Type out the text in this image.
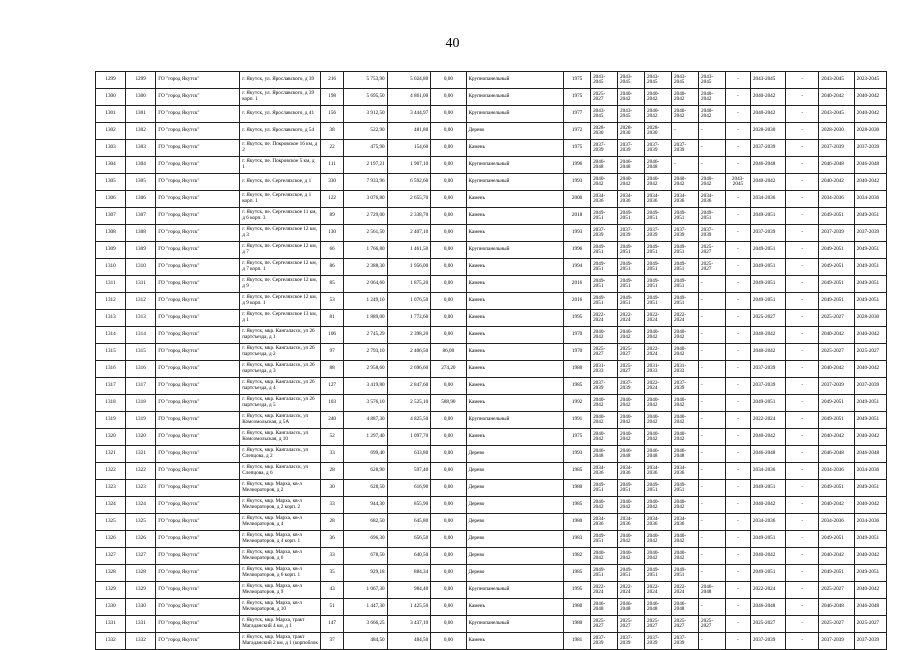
40
1299	1299	ГО "город Якутск"	г. Якутск, ул. Ярославского, д 39	216	5 753,90	5 024,80	0,00	Крупнопанельный	1975	2043-2045	2043-2045	2043-2045	2043-2045	2043-2045	-	2043-2045	-	2043-2045	2023-2045
1300	1300	ГО "город Якутск"	г. Якутск, ул. Ярославского, д 39 корп. 1	198	5 695,50	4 861,00	0,00	Крупнопанельный	1975	2025-2027	2040-2042	2040-2042	2040-2042	2040-2042	-	2040-2042	-	2040-2042	2040-2042
1301	1301	ГО "город Якутск"	г. Якутск, ул. Ярославского, д 41	156	3 912,50	3 444,97	0,00	Крупнопанельный	1977	2043-2045	2043-2045	2040-2042	2040-2042	2040-2042	-	2040-2042	-	2043-2045	2040-2042
1302	1302	ГО "город Якутск"	г. Якутск, ул. Ярославского, д 54	38	522,90	481,80	0,00	Дерево	1972	2028-2030	2028-2030	2028-2030	-	-	-	2028-2030	-	2028-2030	2028-2030
1303	1303	ГО "город Якутск"	г. Якутск, пе. Покровское 16 км, д 2	22	475,90	154,60	0,00	Камень	1975	2037-2039	2037-2039	2037-2039	2037-2039	-	-	2037-2039	-	2037-2039	2037-2039
1304	1304	ГО "город Якутск"	г. Якутск, пе. Покровское 5 км, д 1	111	2 197,21	1 907,10	0,00	Крупнопанельный	1996	2046-2048	2046-2048	2046-2048	-	-	-	2046-2048	-	2046-2048	2046-2048
1305	1305	ГО "город Якутск"	г. Якутск, пе. Сергеляхское, д 1	330	7 933,96	6 592,60	0,00	Крупнопанельный	1993	2040-2042	2040-2042	2040-2042	2040-2042	2040-2042	2043-2045	2040-2042	-	2040-2042	2040-2042
1306	1306	ГО "город Якутск"	г. Якутск, пе. Сергеляхское, д 1 корп. 1	122	3 076,80	2 655,70	0,00	Камень	2000	2034-2036	2034-2036	2034-2036	2034-2036	2034-2036	-	2034-2036	-	2034-2036	2034-2036
1307	1307	ГО "город Якутск"	г. Якутск, пе. Сергеляхское 11 км, д 6 корп. 3	89	2 729,00	2 338,70	0,00	Камень	2018	2049-2051	2049-2051	2049-2051	2049-2051	2049-2051	-	2049-2051	-	2049-2051	2049-2051
1308	1308	ГО "город Якутск"	г. Якутск, пе. Сергеляхское 12 км, д 3	130	2 561,50	2 407,10	0,00	Камень	1993	2037-2039	2037-2039	2037-2039	2037-2039	2037-2039	-	2037-2039	-	2037-2039	2037-2039
1309	1309	ГО "город Якутск"	г. Якутск, пе. Сергеляхское 12 км, д 7	66	1 766,80	1 461,50	0,00	Крупнопанельный	1996	2049-2051	2049-2051	2049-2051	2049-2051	2025-2027	-	2049-2051	-	2049-2051	2049-2051
1310	1310	ГО "город Якутск"	г. Якутск, пе. Сергеляхское 12 км, д 7 корп. 1	86	2 388,30	1 956,00	0,00	Камень	1994	2049-2051	2049-2051	2049-2051	2049-2051	2025-2027	-	2049-2051	-	2049-2051	2049-2051
1311	1311	ГО "город Якутск"	г. Якутск, пе. Сергеляхское 12 км, д 9	85	2 064,60	1 875,20	0,00	Камень	2016	2049-2051	2049-2051	2049-2051	2049-2051	-	-	2049-2051	-	2049-2051	2049-2051
1312	1312	ГО "город Якутск"	г. Якутск, пе. Сергеляхское 12 км, д 9 корп. 1	53	1 249,10	1 076,50	0,00	Камень	2016	2049-2051	2049-2051	2049-2051	2049-2051	-	-	2049-2051	-	2049-2051	2049-2051
1313	1313	ГО "город Якутск"	г. Якутск, пе. Сергеляхское 13 км, д 1	81	1 889,00	1 772,60	0,00	Камень	1995	2022-2024	2022-2024	2022-2024	2022-2024	-	-	2025-2027	-	2025-2027	2028-2030
1314	1314	ГО "город Якутск"	г. Якутск, мкр. Кангаласск, ул 26 партсъезда, д 1	106	2 745,29	2 398,20	0,00	Камень	1970	2040-2042	2040-2042	2040-2042	2040-2042	-	-	2040-2042	-	2040-2042	2040-2042
1315	1315	ГО "город Якутск"	г. Якутск, мкр. Кангаласск, ул 26 партсъезда, д 2	97	2 793,10	2 406,50	86,00	Камень	1970	2025-2027	2025-2027	2022-2024	2040-2042	-	-	2040-2042	-	2025-2027	2025-2027
1316	1316	ГО "город Якутск"	г. Якутск, мкр. Кангаласск, ул 26 партсъезда, д 3	88	2 958,60	2 696,60	274,20	Камень	1980	2031-2033	2025-2027	2031-2033	2031-2033	-	-	2037-2039	-	2040-2042	2040-2042
1317	1317	ГО "город Якутск"	г. Якутск, мкр. Кангаласск, ул 26 партсъезда, д 4	127	3 419,80	2 847,60	0,00	Камень	1985	2037-2039	2037-2039	2022-2024	2037-2039	-	-	2037-2039	-	2037-2039	2037-2039
1318	1318	ГО "город Якутск"	г. Якутск, мкр. Кангаласск, ул 26 партсъезда, д 5	103	3 576,10	2 525,10	588,90	Камень	1992	2040-2042	2040-2042	2040-2042	2040-2042	-	-	2049-2051	-	2049-2051	2049-2051
1319	1319	ГО "город Якутск"	г. Якутск, мкр. Кангаласск, ул Комсомольская, д 5А	240	4 887,30	4 825,50	0,00	Крупнопанельный	1991	2040-2042	2040-2042	2040-2042	2040-2042	-	-	2022-2024	-	2049-2051	2049-2051
1320	1320	ГО "город Якутск"	г. Якутск, мкр. Кангаласск, ул Комсомольская, д 10	52	1 297,40	1 097,70	0,00	Камень	1975	2040-2042	2040-2042	2040-2042	2040-2042	-	-	2040-2042	-	2040-2042	2040-2042
1321	1321	ГО "город Якутск"	г. Якутск, мкр. Кангаласск, ул Слепцова, д 2	33	699,40	633,80	0,00	Дерево	1993	2046-2048	2046-2048	2046-2048	2046-2048	-	-	2046-2048	-	2046-2048	2046-2048
1322	1322	ГО "город Якутск"	г. Якутск, мкр. Кангаласск, ул Слепцова, д 6	28	628,90	597,40	0,00	Дерево	1985	2034-2036	2034-2036	2034-2036	2034-2036	-	-	2034-2036	-	2034-2036	2034-2036
1323	1323	ГО "город Якутск"	г. Якутск, мкр. Марха, кв-л Мелиораторов, д 2	30	628,50	616,90	0,00	Дерево	1980	2049-2051	2049-2051	2049-2051	2049-2051	-	-	2049-2051	-	2049-2051	2049-2051
1324	1324	ГО "город Якутск"	г. Якутск, мкр. Марха, кв-л Мелиораторов, д 2 корп. 2	33	944,30	855,90	0,00	Дерево	1985	2040-2042	2040-2042	2040-2042	2040-2042	-	-	2040-2042	-	2040-2042	2040-2042
1325	1325	ГО "город Якутск"	г. Якутск, мкр. Марха, кв-л Мелиораторов, д 4	28	682,50	645,80	0,00	Дерево	1980	2034-2036	2034-2036	2034-2036	2034-2036	-	-	2034-2036	-	2034-2036	2034-2036
1326	1326	ГО "город Якутск"	г. Якутск, мкр. Марха, кв-л Мелиораторов, д 4 корп. 1	36	696,30	656,50	0,00	Дерево	1983	2049-2051	2040-2042	2040-2042	2040-2042	-	-	2049-2051	-	2049-2051	2049-2051
1327	1327	ГО "город Якутск"	г. Якутск, мкр. Марха, кв-л Мелиораторов, д 6	33	678,50	640,50	0,00	Дерево	1982	2040-2042	2040-2042	2040-2042	2040-2042	-	-	2040-2042	-	2040-2042	2040-2042
1328	1328	ГО "город Якутск"	г. Якутск, мкр. Марха, кв-л Мелиораторов, д 6 корп. 1	35	929,18	884,34	0,00	Дерево	1985	2049-2051	2049-2051	2049-2051	2049-2051	-	-	2049-2051	-	2049-2051	2049-2051
1329	1329	ГО "город Якутск"	г. Якутск, мкр. Марха, кв-л Мелиораторов, д 9	43	1 067,30	984,40	0,00	Крупнопанельный	1995	2022-2024	2022-2024	2022-2024	2022-2024	2046-2048	-	2022-2024	-	2025-2027	2040-2042
1330	1330	ГО "город Якутск"	г. Якутск, мкр. Марха, кв-л Мелиораторов, д 10	51	1 447,30	1 425,50	0,00	Камень	1980	2046-2048	2046-2048	2046-2048	2046-2048	-	-	2046-2048	-	2046-2048	2046-2048
1331	1331	ГО "город Якутск"	г. Якутск, мкр. Марха, тракт Магаданский 4 км, д 1	147	3 666,25	3 437,10	0,00	Крупнопанельный	1980	2025-2027	2025-2027	2025-2027	2025-2027	2025-2027	-	2025-2027	-	2025-2027	2025-2027
1332	1332	ГО "город Якутск"	г. Якутск, мкр. Марха, тракт Магаданский 2 км, д 1 (корпоблок	37	484,50	484,50	0,00	Камень	1981	2037-2039	2037-2039	2037-2039	2037-2039	-	-	2037-2039	-	2037-2039	2037-2039
